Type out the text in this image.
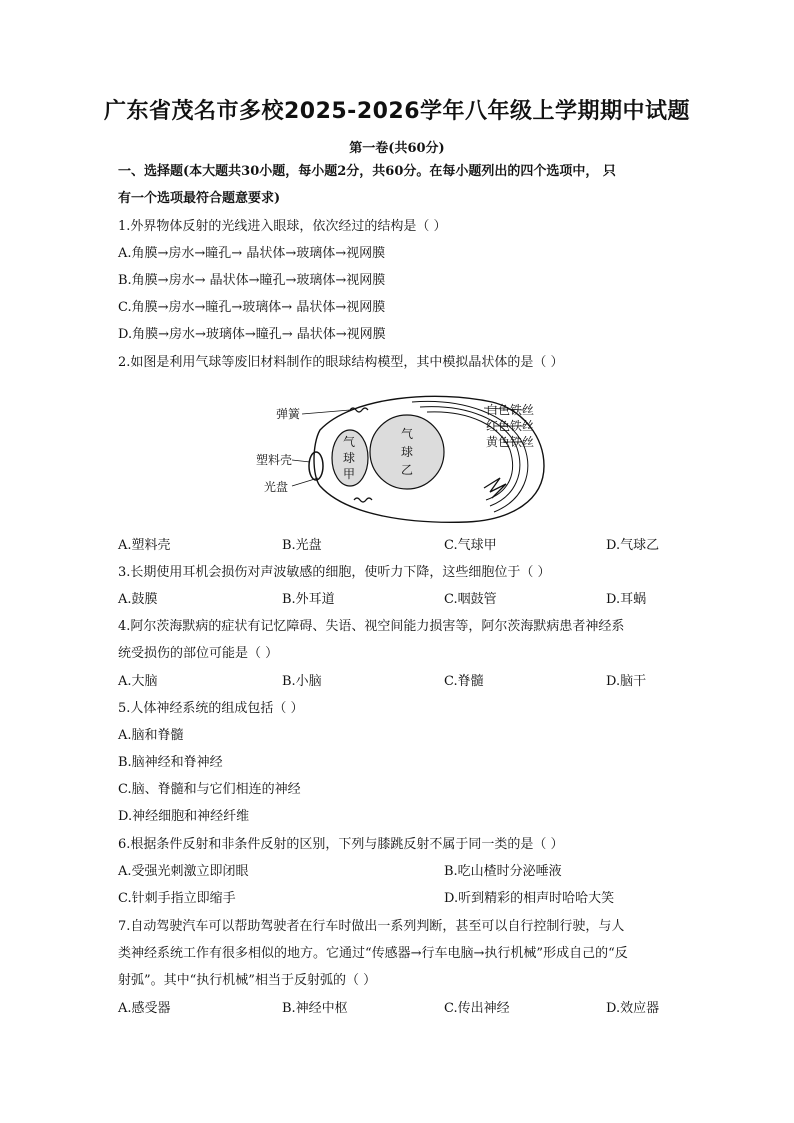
广东省茂名市多校2025-2026学年八年级上学期期中试题
第一卷(共60分)
一、选择题(本大题共30小题，每小题2分，共60分。在每小题列出的四个选项中， 只
有一个选项最符合题意要求)
1.外界物体反射的光线进入眼球，依次经过的结构是（ ）
A.角膜→房水→瞳孔→ 晶状体→玻璃体→视网膜
B.角膜→房水→ 晶状体→瞳孔→玻璃体→视网膜
C.角膜→房水→瞳孔→玻璃体→ 晶状体→视网膜
D.角膜→房水→玻璃体→瞳孔→ 晶状体→视网膜
2.如图是利用气球等废旧材料制作的眼球结构模型，其中模拟晶状体的是（ ）
弹簧
塑料壳
光盘
白色铁丝
红色铁丝
黄色铁丝
气
球
甲
气
球
乙
A.塑料壳	B.光盘	C.气球甲	D.气球乙
3.长期使用耳机会损伤对声波敏感的细胞，使听力下降，这些细胞位于（ ）
A.鼓膜	B.外耳道	C.咽鼓管	D.耳蜗
4.阿尔茨海默病的症状有记忆障碍、失语、视空间能力损害等，阿尔茨海默病患者神经系
统受损伤的部位可能是（ ）
A.大脑	B.小脑	C.脊髓	D.脑干
5.人体神经系统的组成包括（ ）
A.脑和脊髓
B.脑神经和脊神经
C.脑、脊髓和与它们相连的神经
D.神经细胞和神经纤维
6.根据条件反射和非条件反射的区别，下列与膝跳反射不属于同一类的是（ ）
A.受强光刺激立即闭眼	B.吃山楂时分泌唾液
C.针刺手指立即缩手	D.听到精彩的相声时哈哈大笑
7.自动驾驶汽车可以帮助驾驶者在行车时做出一系列判断，甚至可以自行控制行驶，与人
类神经系统工作有很多相似的地方。它通过“传感器→行车电脑→执行机械”形成自己的“反
射弧”。其中“执行机械”相当于反射弧的（ ）
A.感受器	B.神经中枢	C.传出神经	D.效应器
